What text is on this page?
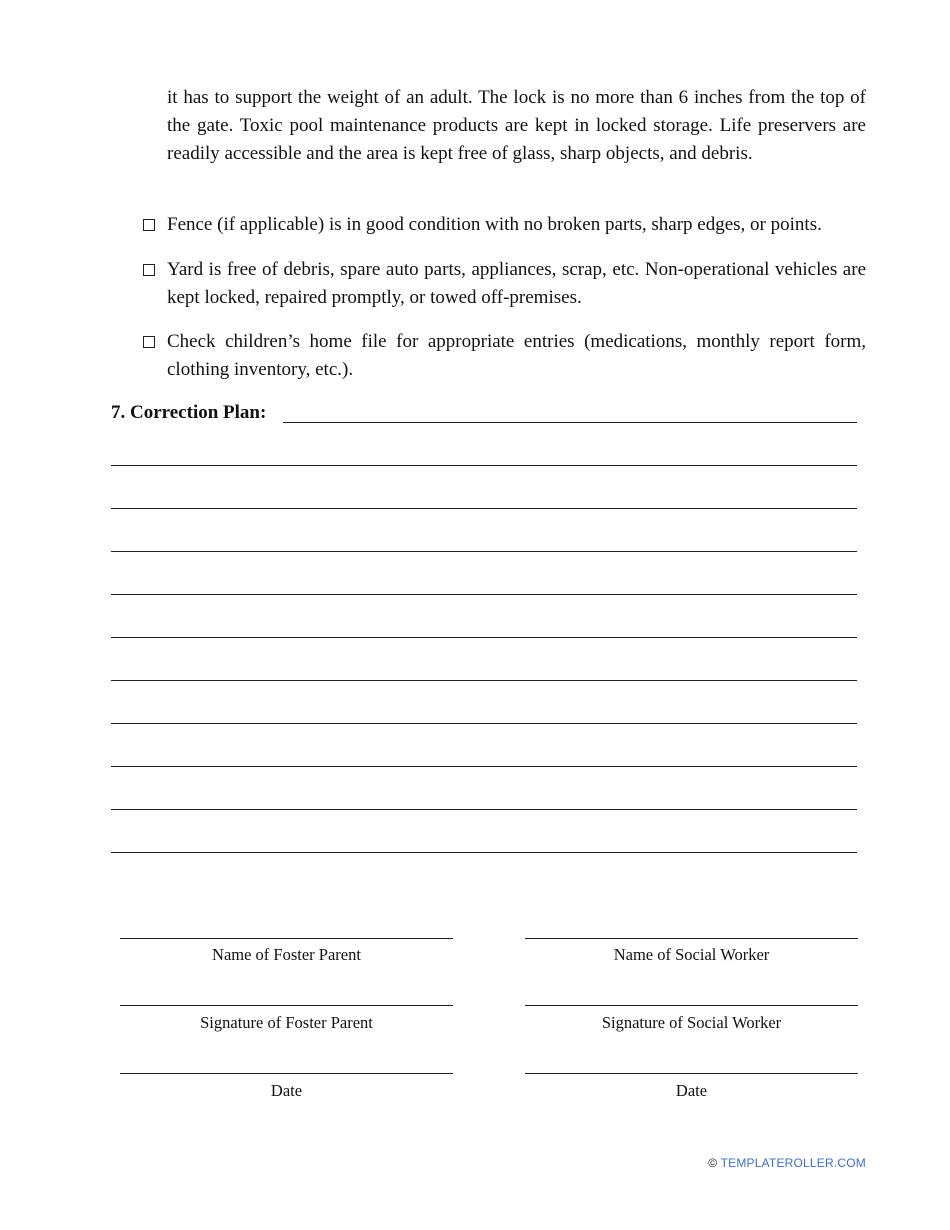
it has to support the weight of an adult. The lock is no more than 6 inches from the top of the gate. Toxic pool maintenance products are kept in locked storage. Life preservers are readily accessible and the area is kept free of glass, sharp objects, and debris.
Fence (if applicable) is in good condition with no broken parts, sharp edges, or points.
Yard is free of debris, spare auto parts, appliances, scrap, etc. Non-operational vehicles are kept locked, repaired promptly, or towed off-premises.
Check children’s home file for appropriate entries (medications, monthly report form, clothing inventory, etc.).
7. Correction Plan:
Name of Foster Parent
Signature of Foster Parent
Date
Name of Social Worker
Signature of Social Worker
Date
© TEMPLATEROLLER.COM
